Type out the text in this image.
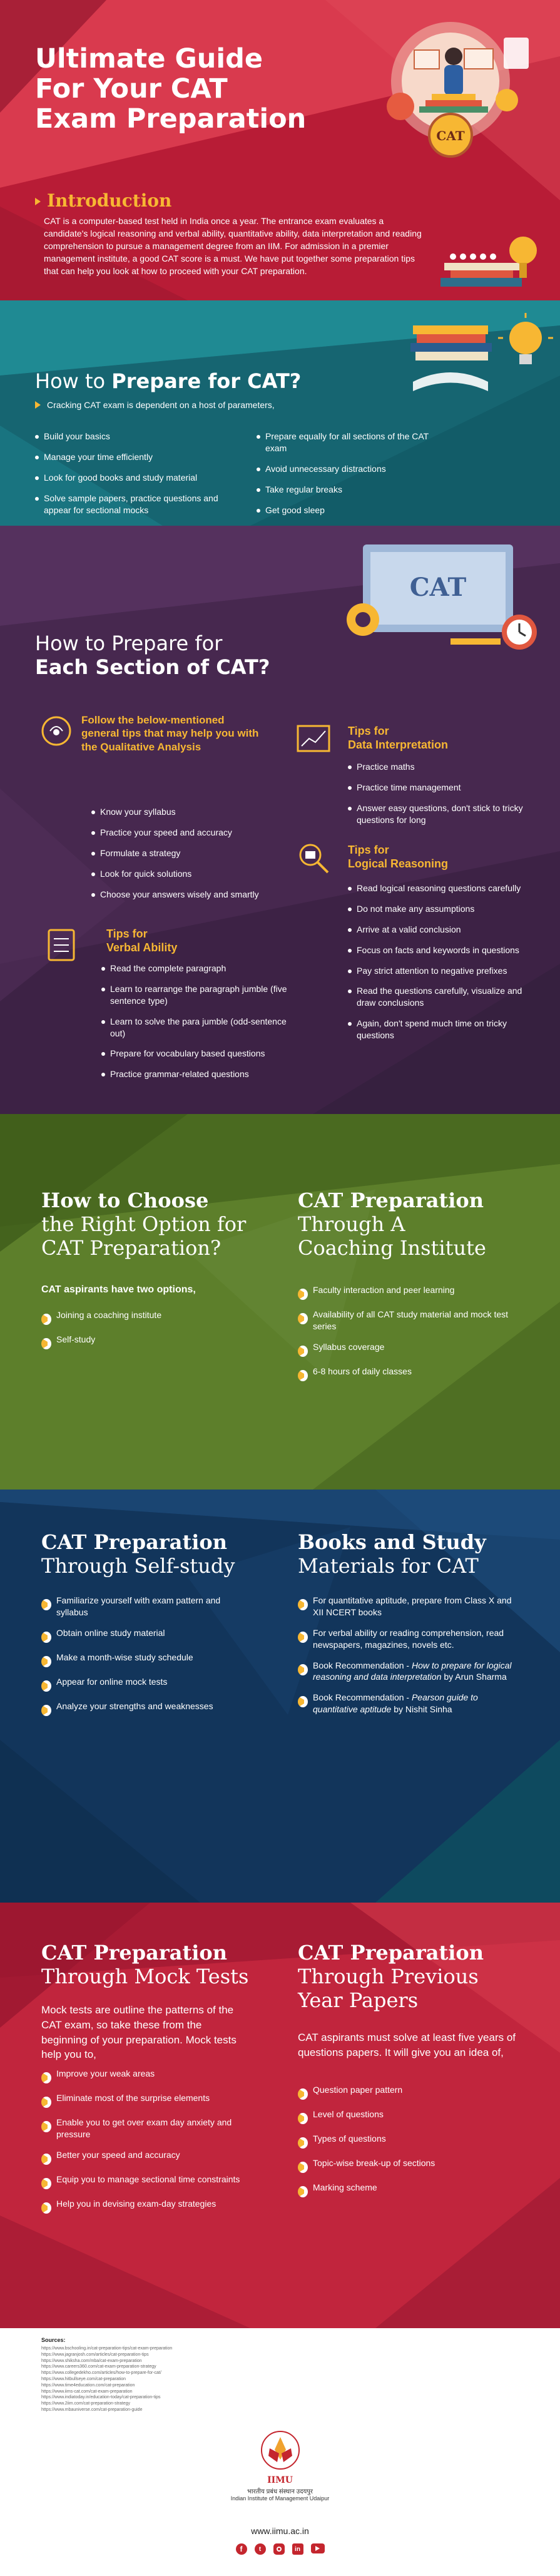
CAT
Ultimate Guide
For Your CAT
Exam Preparation
Introduction

CAT is a computer-based test held in India once a year. The entrance exam evaluates a candidate's logical reasoning and verbal ability, quantitative ability, data interpretation and reading comprehension to pursue a management degree from an IIM. For admission in a premier management institute, a good CAT score is a must. We have put together some preparation tips that can help you look at how to proceed with your CAT preparation.

How to Prepare for CAT?
Cracking CAT exam is dependent on a host of parameters,
Build your basics
Manage your time efficiently
Look for good books and study material
Solve sample papers, practice questions and appear for sectional mocks
Prepare equally for all sections of the CAT exam
Avoid unnecessary distractions
Take regular breaks
Get good sleep
CAT
How to Prepare for
Each Section of CAT?
Follow the below-mentioned general tips that may help you with the Qualitative Analysis
Know your syllabus
Practice your speed and accuracy
Formulate a strategy
Look for quick solutions
Choose your answers wisely and smartly
Tips for
Verbal Ability
Read the complete paragraph
Learn to rearrange the paragraph jumble (five sentence type)
Learn to solve the para jumble (odd-sentence out)
Prepare for vocabulary based questions
Practice grammar-related questions
Tips for
Data Interpretation
Practice maths
Practice time management
Answer easy questions, don't stick to tricky questions for long
Tips for
Logical Reasoning
Read logical reasoning questions carefully
Do not make any assumptions
Arrive at a valid conclusion
Focus on facts and keywords in questions
Pay strict attention to negative prefixes
Read the questions carefully, visualize and draw conclusions
Again, don't spend much time on tricky questions
How to Choose
the Right Option for
CAT Preparation?
CAT aspirants have two options,
Joining a coaching institute
Self-study
CAT Preparation
Through A
Coaching Institute
Faculty interaction and peer learning
Availability of all CAT study material and mock test series
Syllabus coverage
6-8 hours of daily classes
CAT Preparation
Through Self-study
Familiarize yourself with exam pattern and syllabus
Obtain online study material
Make a month-wise study schedule
Appear for online mock tests
Analyze your strengths and weaknesses
Books and Study
Materials for CAT
For quantitative aptitude, prepare from Class X and XII NCERT books
For verbal ability or reading comprehension, read newspapers, magazines, novels etc.
Book Recommendation - How to prepare for logical reasoning and data interpretation by Arun Sharma
Book Recommendation - Pearson guide to quantitative aptitude by Nishit Sinha
CAT Preparation
Through Mock Tests

Mock tests are outline the patterns of the CAT exam, so take these from the beginning of your preparation. Mock tests help you to,

Improve your weak areas
Eliminate most of the surprise elements
Enable you to get over exam day anxiety and pressure
Better your speed and accuracy
Equip you to manage sectional time constraints
Help you in devising exam-day strategies
CAT Preparation
Through Previous
Year Papers

CAT aspirants must solve at least five years of questions papers. It will give you an idea of,

Question paper pattern
Level of questions
Types of questions
Topic-wise break-up of sections
Marking scheme
Sources:
https://www.bschooling.in/cat-preparation-tips/cat-exam-preparation
https://www.jagranjosh.com/articles/cat-preparation-tips
https://www.shiksha.com/mba/cat-exam-preparation
https://www.careers360.com/cat-exam-preparation-strategy
https://www.collegedekho.com/articles/how-to-prepare-for-cat/
https://www.hitbullseye.com/cat-preparation
https://www.time4education.com/cat-preparation
https://www.iims-cat.com/cat-exam-preparation
https://www.indiatoday.in/education-today/cat-preparation-tips
https://www.2iim.com/cat-preparation-strategy
https://www.mbauniverse.com/cat-preparation-guide
IIMU
भारतीय प्रबंध संस्थान उदयपुर
Indian Institute of Management Udaipur
www.iimu.ac.in
f	t	in
